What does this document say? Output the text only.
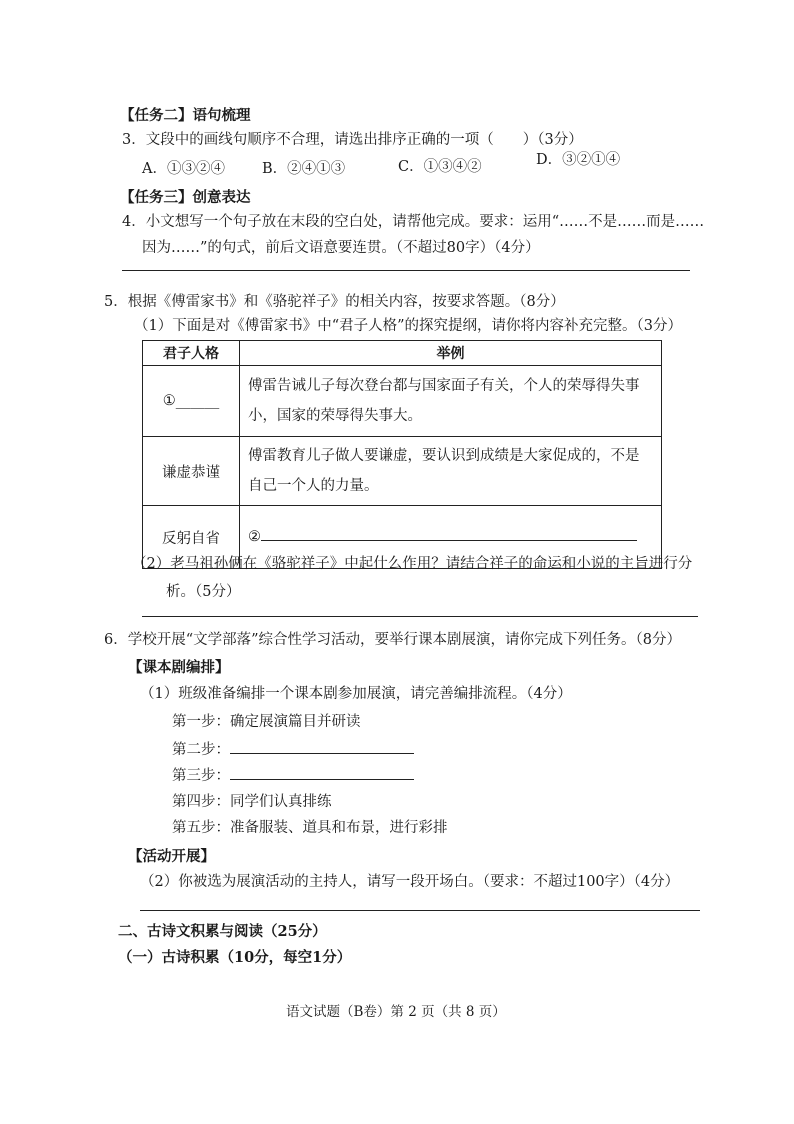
【任务二】语句梳理
3．文段中的画线句顺序不合理，请选出排序正确的一项（　　）（3分）
A．①③②④	B．②④①③	C．①③④②	D．③②①④
【任务三】创意表达
4．小文想写一个句子放在末段的空白处，请帮他完成。要求：运用“……不是……而是……
因为……”的句式，前后文语意要连贯。（不超过80字）（4分）
5．根据《傅雷家书》和《骆驼祥子》的相关内容，按要求答题。（8分）
（1）下面是对《傅雷家书》中“君子人格”的探究提纲，请你将内容补充完整。（3分）
君子人格	举例
①______	傅雷告诫儿子每次登台都与国家面子有关，个人的荣辱得失事小，国家的荣辱得失事大。
谦虚恭谨	傅雷教育儿子做人要谦虚，要认识到成绩是大家促成的，不是自己一个人的力量。
反躬自省	②
（2）老马祖孙俩在《骆驼祥子》中起什么作用？请结合祥子的命运和小说的主旨进行分
析。（5分）
6．学校开展“文学部落”综合性学习活动，要举行课本剧展演，请你完成下列任务。（8分）
【课本剧编排】
（1）班级准备编排一个课本剧参加展演，请完善编排流程。（4分）
第一步：确定展演篇目并研读
第二步：
第三步：
第四步：同学们认真排练
第五步：准备服装、道具和布景，进行彩排
【活动开展】
（2）你被选为展演活动的主持人，请写一段开场白。（要求：不超过100字）（4分）
二、古诗文积累与阅读（25分）
（一）古诗积累（10分，每空1分）
语文试题（B卷）第 2 页（共 8 页）
